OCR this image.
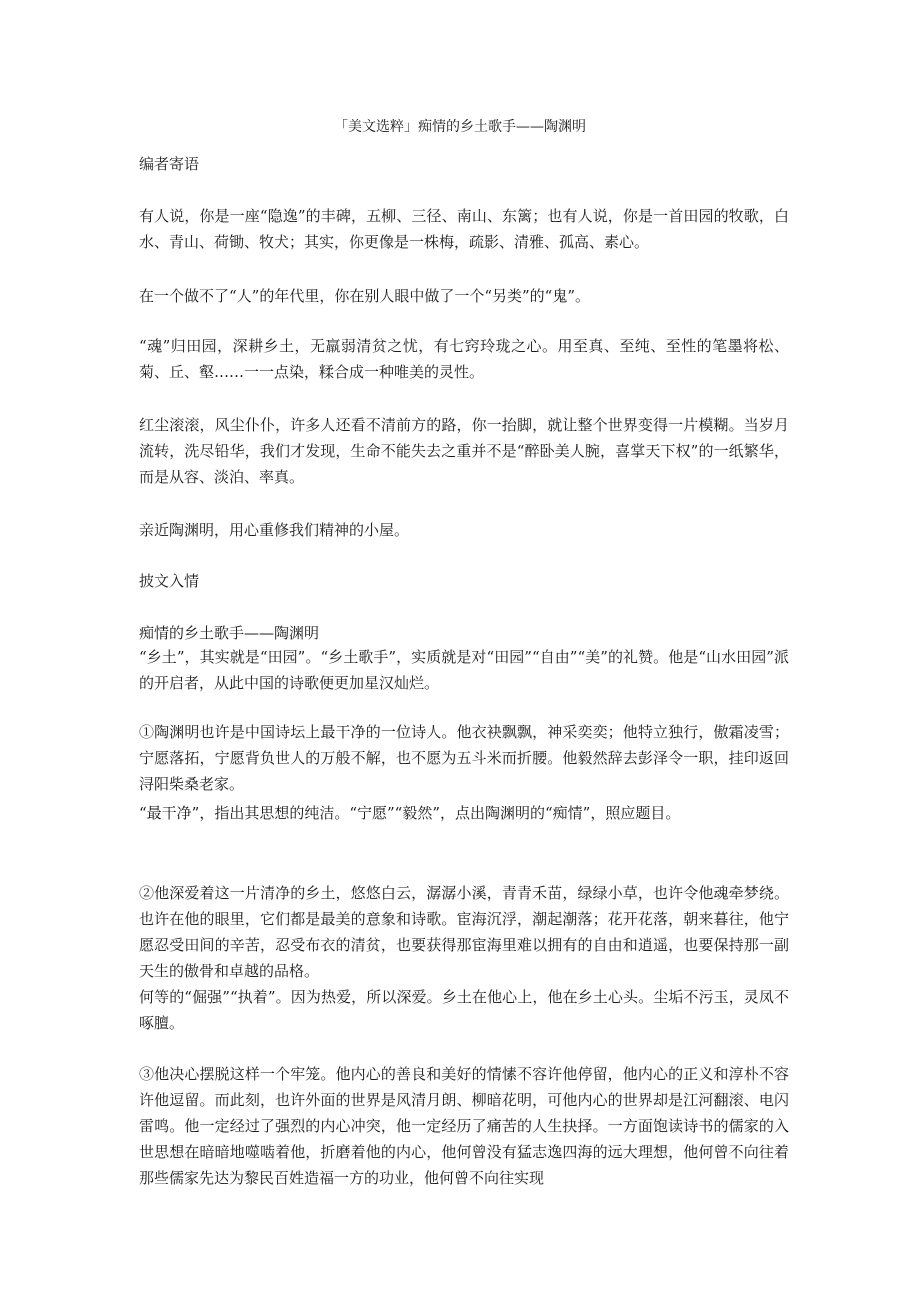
「美文选粹」痴情的乡土歌手——陶渊明
编者寄语
有人说，你是一座“隐逸”的丰碑，五柳、三径、南山、东篱；也有人说，你是一首田园的牧歌，白水、青山、荷锄、牧犬；其实，你更像是一株梅，疏影、清雅、孤高、素心。
在一个做不了“人”的年代里，你在别人眼中做了一个“另类”的“鬼”。
“魂”归田园，深耕乡土，无羸弱清贫之忧，有七窍玲珑之心。用至真、至纯、至性的笔墨将松、菊、丘、壑……一一点染，糅合成一种唯美的灵性。
红尘滚滚，风尘仆仆，许多人还看不清前方的路，你一抬脚，就让整个世界变得一片模糊。当岁月流转，洗尽铅华，我们才发现，生命不能失去之重并不是“醉卧美人腕，喜掌天下权”的一纸繁华，而是从容、淡泊、率真。
亲近陶渊明，用心重修我们精神的小屋。
披文入情
痴情的乡土歌手——陶渊明
“乡土”，其实就是“田园”。“乡土歌手”，实质就是对“田园”“自由”“美”的礼赞。他是“山水田园”派的开启者，从此中国的诗歌便更加星汉灿烂。
①陶渊明也许是中国诗坛上最干净的一位诗人。他衣袂飘飘，神采奕奕；他特立独行，傲霜凌雪；宁愿落拓，宁愿背负世人的万般不解，也不愿为五斗米而折腰。他毅然辞去彭泽令一职，挂印返回浔阳柴桑老家。
“最干净”，指出其思想的纯洁。“宁愿”“毅然”，点出陶渊明的“痴情”，照应题目。
②他深爱着这一片清净的乡土，悠悠白云，潺潺小溪，青青禾苗，绿绿小草，也许令他魂牵梦绕。也许在他的眼里，它们都是最美的意象和诗歌。宦海沉浮，潮起潮落；花开花落，朝来暮往，他宁愿忍受田间的辛苦，忍受布衣的清贫，也要获得那宦海里难以拥有的自由和逍遥，也要保持那一副天生的傲骨和卓越的品格。
何等的“倔强”“执着”。因为热爱，所以深爱。乡土在他心上，他在乡土心头。尘垢不污玉，灵凤不啄膻。
③他决心摆脱这样一个牢笼。他内心的善良和美好的情愫不容许他停留，他内心的正义和淳朴不容许他逗留。而此刻，也许外面的世界是风清月朗、柳暗花明，可他内心的世界却是江河翻滚、电闪雷鸣。他一定经过了强烈的内心冲突，他一定经历了痛苦的人生抉择。一方面饱读诗书的儒家的入世思想在暗暗地噬啮着他，折磨着他的内心，他何曾没有猛志逸四海的远大理想，他何曾不向往着那些儒家先达为黎民百姓造福一方的功业，他何曾不向往实现
